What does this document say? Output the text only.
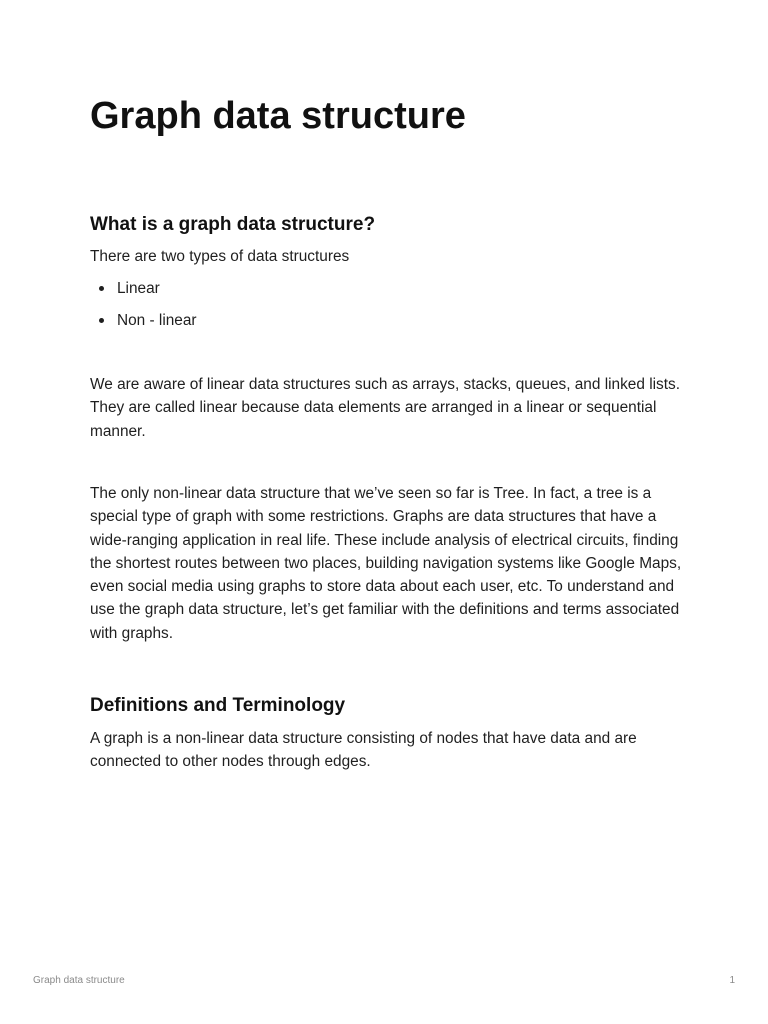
Graph data structure
What is a graph data structure?

There are two types of data structures

Linear
Non - linear

We are aware of linear data structures such as arrays, stacks, queues, and linked lists. They are called linear because data elements are arranged in a linear or sequential manner.

The only non-linear data structure that we’ve seen so far is Tree. In fact, a tree is a special type of graph with some restrictions. Graphs are data structures that have a wide-ranging application in real life. These include analysis of electrical circuits, finding the shortest routes between two places, building navigation systems like Google Maps, even social media using graphs to store data about each user, etc. To understand and use the graph data structure, let’s get familiar with the definitions and terms associated with graphs.

Definitions and Terminology

A graph is a non-linear data structure consisting of nodes that have data and are connected to other nodes through edges.

Graph data structure	1
